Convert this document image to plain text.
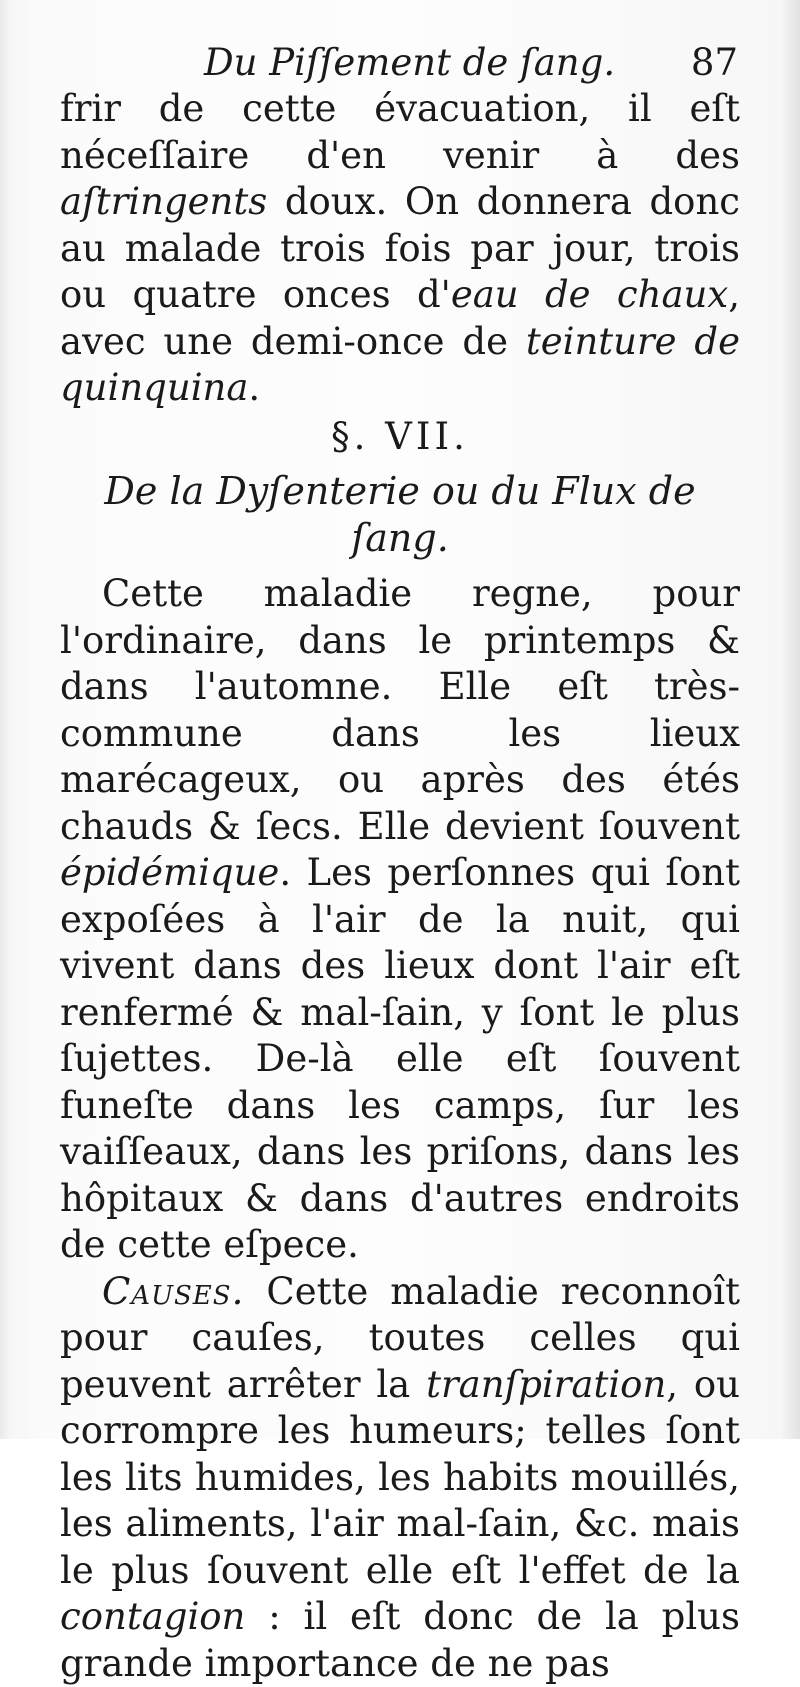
Du Piſſement de ſang. 87

frir de cette évacuation, il eſt néceſſaire d'en venir à des aſtringents doux. On donnera donc au malade trois fois par jour, trois ou quatre onces d'eau de chaux, avec une demi-once de teinture de quinquina.

§. VII.
De la Dyſenterie ou du Flux de ſang.

Cette maladie regne, pour l'ordinaire, dans le printemps & dans l'automne. Elle eſt très-commune dans les lieux marécageux, ou après des étés chauds & ſecs. Elle devient ſouvent épidémique. Les perſonnes qui ſont expoſées à l'air de la nuit, qui vivent dans des lieux dont l'air eſt renfermé & mal-ſain, y ſont le plus ſujettes. De-là elle eſt ſouvent funeſte dans les camps, ſur les vaiſſeaux, dans les priſons, dans les hôpitaux & dans d'autres endroits de cette eſpece.

Causes. Cette maladie reconnoît pour cauſes, toutes celles qui peuvent arrêter la tranſpiration, ou corrompre les humeurs; telles ſont les lits humides, les habits mouillés, les aliments, l'air mal-ſain, &c. mais le plus ſouvent elle eſt l'effet de la contagion : il eſt donc de la plus grande importance de ne pas
